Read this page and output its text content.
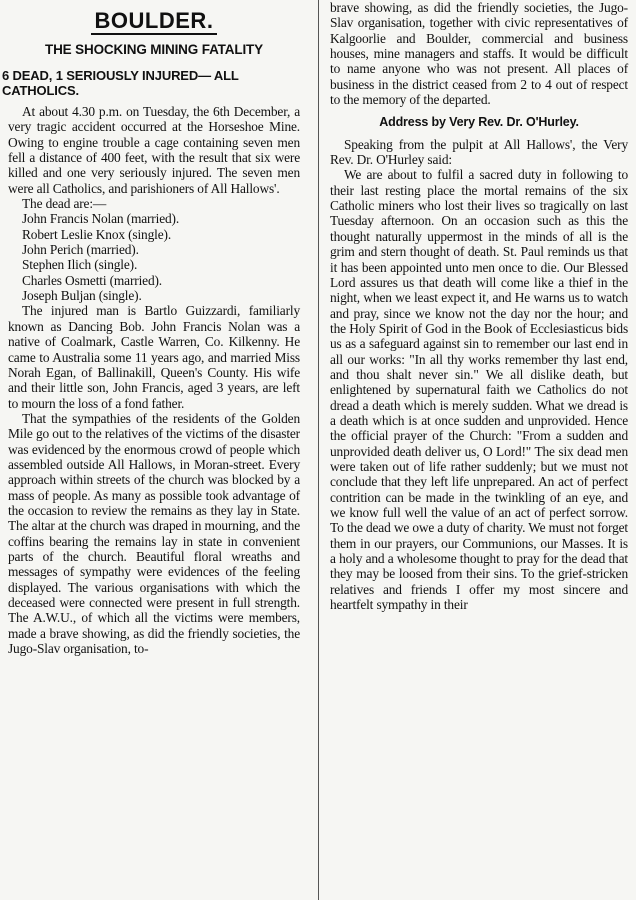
BOULDER.
THE SHOCKING MINING FATALITY
6 DEAD, 1 SERIOUSLY INJURED— ALL CATHOLICS.

At about 4.30 p.m. on Tuesday, the 6th December, a very tragic accident occurred at the Horseshoe Mine. Owing to engine trouble a cage containing seven men fell a distance of 400 feet, with the result that six were killed and one very seriously injured. The seven men were all Catholics, and parishioners of All Hallows'.

The dead are:—

John Francis Nolan (married).

Robert Leslie Knox (single).

John Perich (married).

Stephen Ilich (single).

Charles Osmetti (married).

Joseph Buljan (single).

The injured man is Bartlo Guizzardi, familiarly known as Dancing Bob. John Francis Nolan was a native of Coalmark, Castle Warren, Co. Kilkenny. He came to Australia some 11 years ago, and married Miss Norah Egan, of Ballinakill, Queen's County. His wife and their little son, John Francis, aged 3 years, are left to mourn the loss of a fond father.

That the sympathies of the residents of the Golden Mile go out to the relatives of the victims of the disaster was evidenced by the enormous crowd of people which assembled outside All Hallows, in Moran-street. Every approach within streets of the church was blocked by a mass of people. As many as possible took advantage of the occasion to review the remains as they lay in State. The altar at the church was draped in mourning, and the coffins bearing the remains lay in state in convenient parts of the church. Beautiful floral wreaths and messages of sympathy were evidences of the feeling displayed. The various organisations with which the deceased were connected were present in full strength. The A.W.U., of which all the victims were members, made a brave showing, as did the friendly societies, the Jugo-Slav organisation, to-

brave showing, as did the friendly societies, the Jugo-Slav organisation, together with civic representatives of Kalgoorlie and Boulder, commercial and business houses, mine managers and staffs. It would be difficult to name anyone who was not present. All places of business in the district ceased from 2 to 4 out of respect to the memory of the departed.

Address by Very Rev. Dr. O'Hurley.

Speaking from the pulpit at All Hallows', the Very Rev. Dr. O'Hurley said:

We are about to fulfil a sacred duty in following to their last resting place the mortal remains of the six Catholic miners who lost their lives so tragically on last Tuesday afternoon. On an occasion such as this the thought naturally uppermost in the minds of all is the grim and stern thought of death. St. Paul reminds us that it has been appointed unto men once to die. Our Blessed Lord assures us that death will come like a thief in the night, when we least expect it, and He warns us to watch and pray, since we know not the day nor the hour; and the Holy Spirit of God in the Book of Ecclesiasticus bids us as a safeguard against sin to remember our last end in all our works: "In all thy works remember thy last end, and thou shalt never sin." We all dislike death, but enlightened by supernatural faith we Catholics do not dread a death which is merely sudden. What we dread is a death which is at once sudden and unprovided. Hence the official prayer of the Church: "From a sudden and unprovided death deliver us, O Lord!" The six dead men were taken out of life rather suddenly; but we must not conclude that they left life unprepared. An act of perfect contrition can be made in the twinkling of an eye, and we know full well the value of an act of perfect sorrow. To the dead we owe a duty of charity. We must not forget them in our prayers, our Communions, our Masses. It is a holy and a wholesome thought to pray for the dead that they may be loosed from their sins. To the grief-stricken relatives and friends I offer my most sincere and heartfelt sympathy in their
